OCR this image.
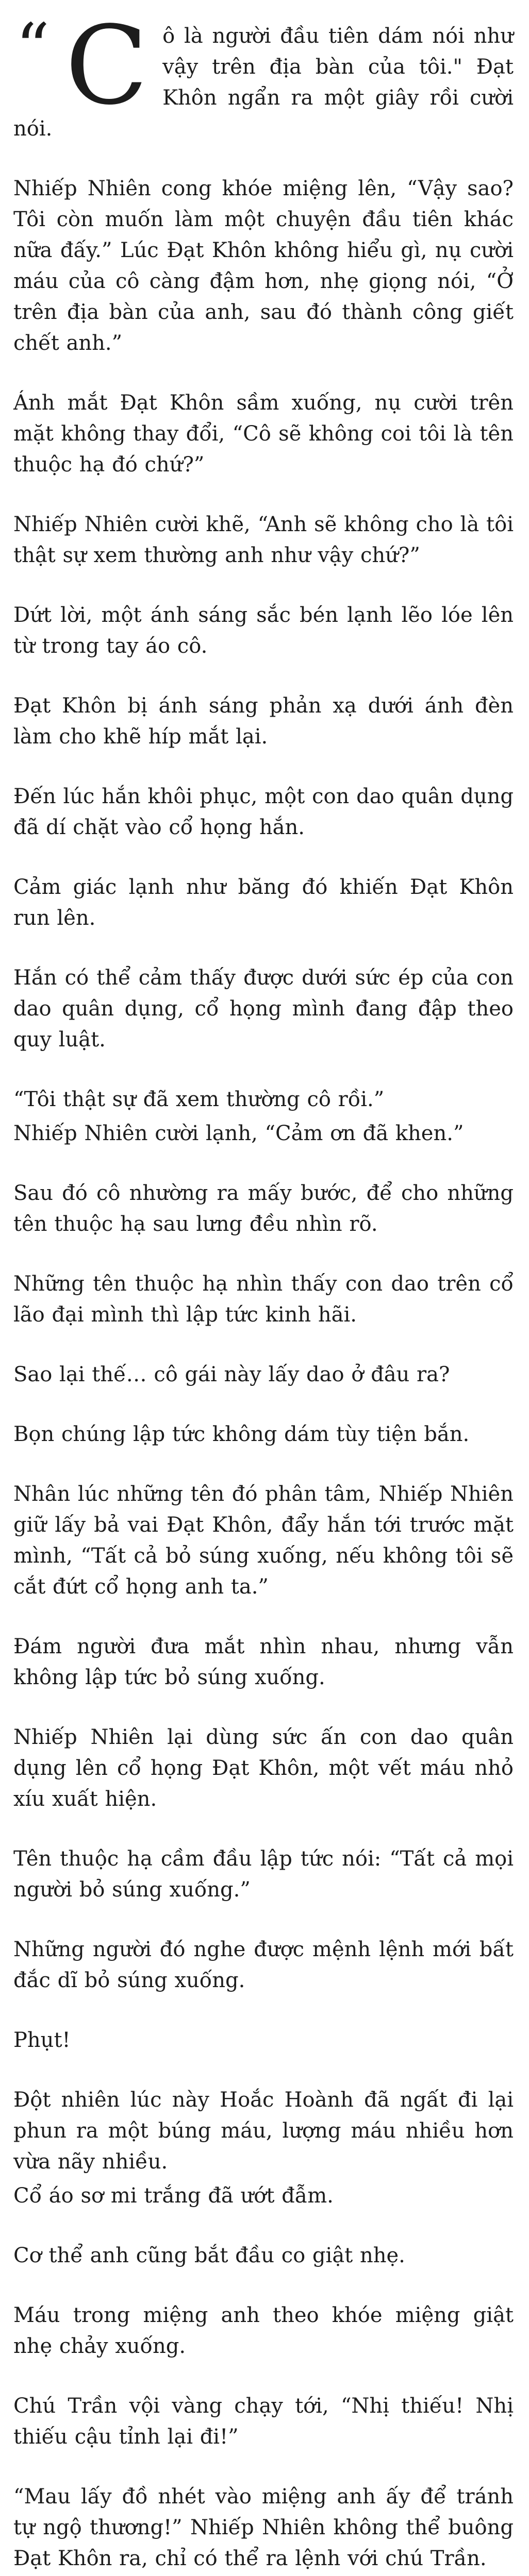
“ C ô là người đầu tiên dám nói như vậy trên địa bàn của tôi." Đạt Khôn ngẩn ra một giây rồi cười nói.

Nhiếp Nhiên cong khóe miệng lên, “Vậy sao? Tôi còn muốn làm một chuyện đầu tiên khác nữa đấy.” Lúc Đạt Khôn không hiểu gì, nụ cười máu của cô càng đậm hơn, nhẹ giọng nói, “Ở trên địa bàn của anh, sau đó thành công giết chết anh.”

Ánh mắt Đạt Khôn sầm xuống, nụ cười trên mặt không thay đổi, “Cô sẽ không coi tôi là tên thuộc hạ đó chứ?”

Nhiếp Nhiên cười khẽ, “Anh sẽ không cho là tôi thật sự xem thường anh như vậy chứ?”

Dứt lời, một ánh sáng sắc bén lạnh lẽo lóe lên từ trong tay áo cô.

Đạt Khôn bị ánh sáng phản xạ dưới ánh đèn làm cho khẽ híp mắt lại.

Đến lúc hắn khôi phục, một con dao quân dụng đã dí chặt vào cổ họng hắn.

Cảm giác lạnh như băng đó khiến Đạt Khôn run lên.

Hắn có thể cảm thấy được dưới sức ép của con dao quân dụng, cổ họng mình đang đập theo quy luật.

“Tôi thật sự đã xem thường cô rồi.”

Nhiếp Nhiên cười lạnh, “Cảm ơn đã khen.”

Sau đó cô nhường ra mấy bước, để cho những tên thuộc hạ sau lưng đều nhìn rõ.

Những tên thuộc hạ nhìn thấy con dao trên cổ lão đại mình thì lập tức kinh hãi.

Sao lại thế… cô gái này lấy dao ở đâu ra?

Bọn chúng lập tức không dám tùy tiện bắn.

Nhân lúc những tên đó phân tâm, Nhiếp Nhiên giữ lấy bả vai Đạt Khôn, đẩy hắn tới trước mặt mình, “Tất cả bỏ súng xuống, nếu không tôi sẽ cắt đứt cổ họng anh ta.”

Đám người đưa mắt nhìn nhau, nhưng vẫn không lập tức bỏ súng xuống.

Nhiếp Nhiên lại dùng sức ấn con dao quân dụng lên cổ họng Đạt Khôn, một vết máu nhỏ xíu xuất hiện.

Tên thuộc hạ cầm đầu lập tức nói: “Tất cả mọi người bỏ súng xuống.”

Những người đó nghe được mệnh lệnh mới bất đắc dĩ bỏ súng xuống.

Phụt!

Đột nhiên lúc này Hoắc Hoành đã ngất đi lại phun ra một búng máu, lượng máu nhiều hơn vừa nãy nhiều.

Cổ áo sơ mi trắng đã ướt đẫm.

Cơ thể anh cũng bắt đầu co giật nhẹ.

Máu trong miệng anh theo khóe miệng giật nhẹ chảy xuống.

Chú Trần vội vàng chạy tới, “Nhị thiếu! Nhị thiếu cậu tỉnh lại đi!”

“Mau lấy đồ nhét vào miệng anh ấy để tránh tự ngộ thương!” Nhiếp Nhiên không thể buông Đạt Khôn ra, chỉ có thể ra lệnh với chú Trần.
